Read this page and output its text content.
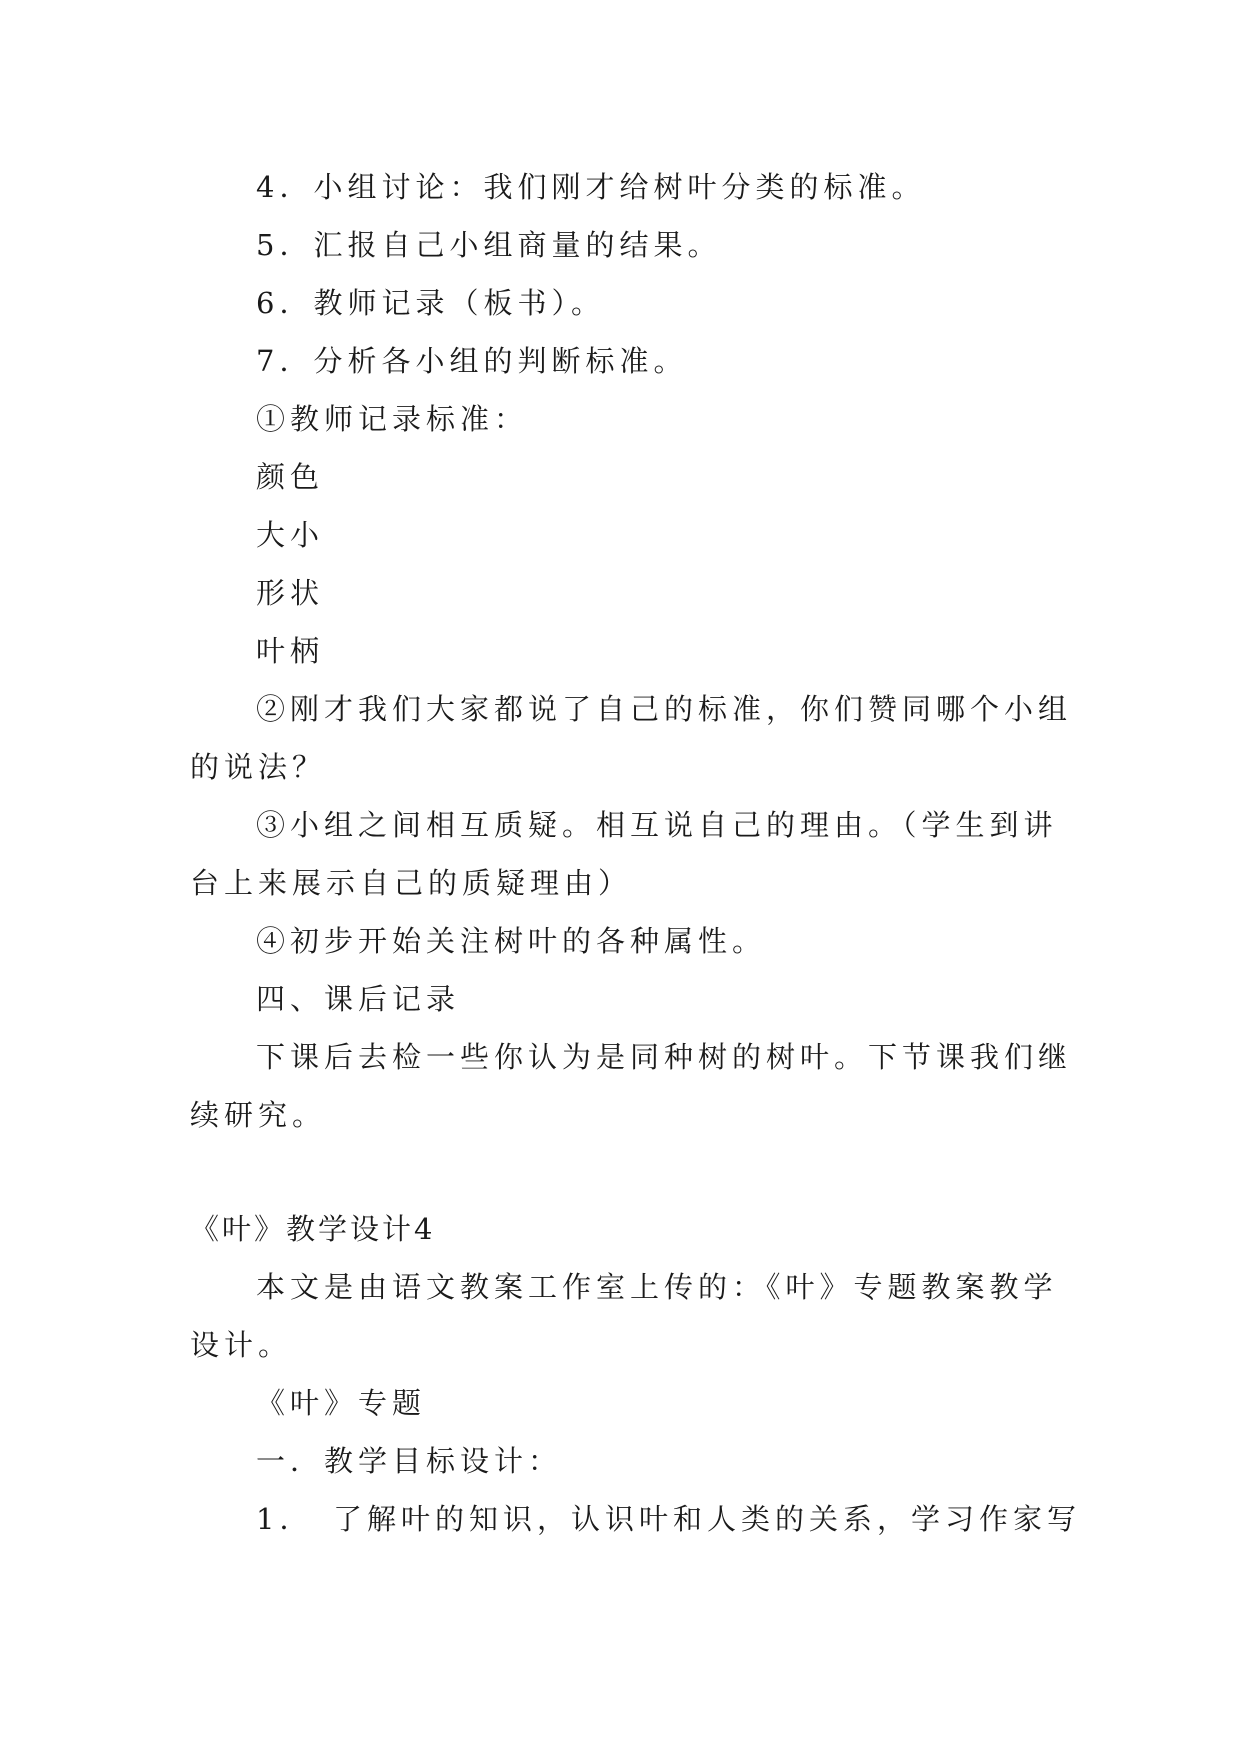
4．小组讨论：我们刚才给树叶分类的标准。
5．汇报自己小组商量的结果。
6．教师记录（板书）。
7．分析各小组的判断标准。
①教师记录标准：
颜色
大小
形状
叶柄
②刚才我们大家都说了自己的标准，你们赞同哪个小组
的说法？
③小组之间相互质疑。相互说自己的理由。（学生到讲
台上来展示自己的质疑理由）
④初步开始关注树叶的各种属性。
四、课后记录
下课后去检一些你认为是同种树的树叶。下节课我们继
续研究。
《叶》教学设计4
本文是由语文教案工作室上传的：《叶》专题教案教学
设计。
《叶》专题
一．教学目标设计：
1．　了解叶的知识，认识叶和人类的关系，学习作家写
